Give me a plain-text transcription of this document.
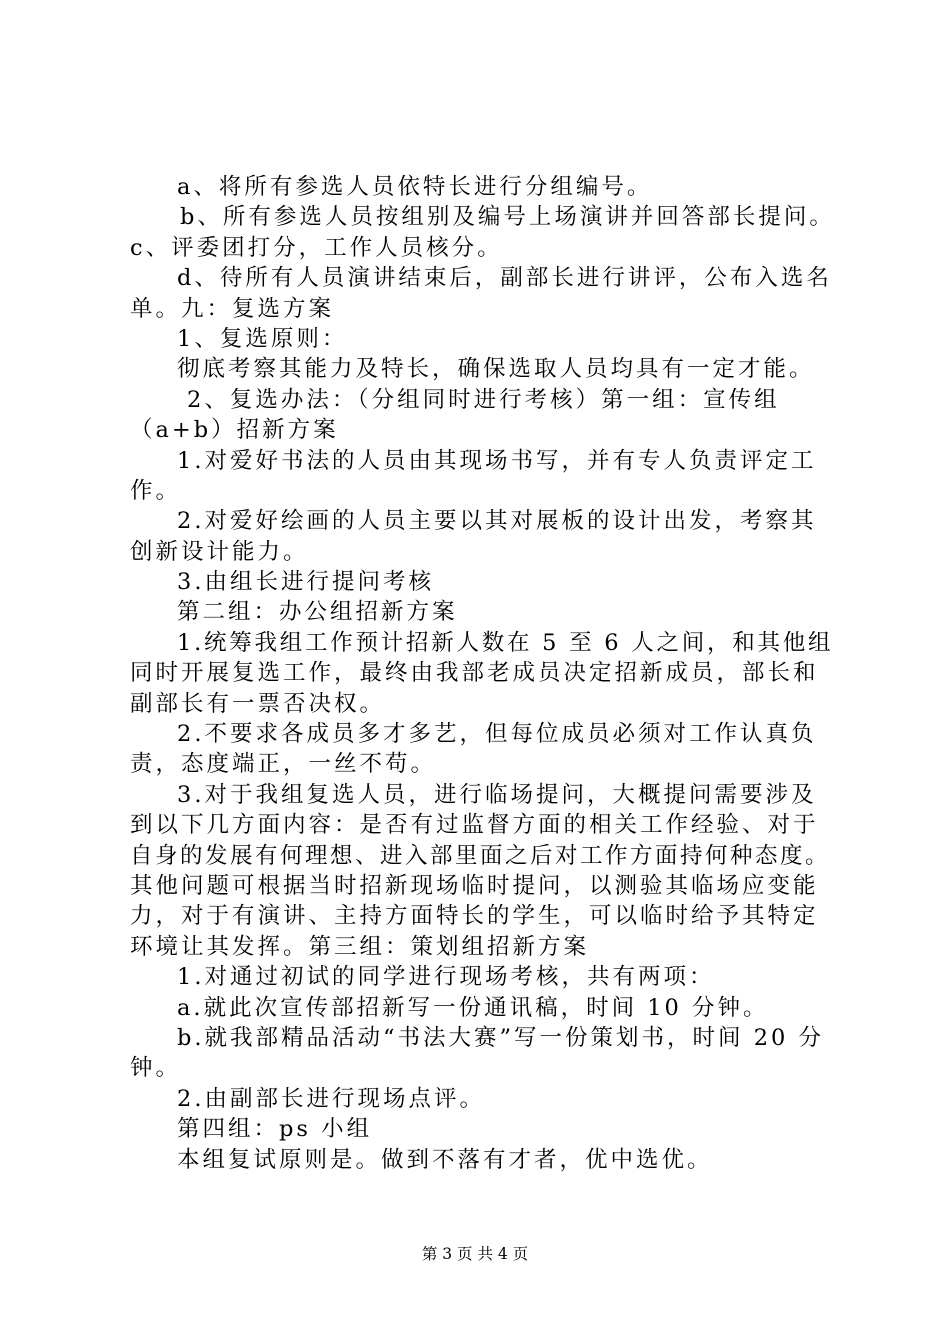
a、将所有参选人员依特长进行分组编号。
b、所有参选人员按组别及编号上场演讲并回答部长提问。
c、评委团打分，工作人员核分。
d、待所有人员演讲结束后，副部长进行讲评，公布入选名
单。九：复选方案
1、复选原则：
彻底考察其能力及特长，确保选取人员均具有一定才能。
2、复选办法：（分组同时进行考核）第一组：宣传组
（a+b）招新方案
1.对爱好书法的人员由其现场书写，并有专人负责评定工
作。
2.对爱好绘画的人员主要以其对展板的设计出发，考察其
创新设计能力。
3.由组长进行提问考核
第二组：办公组招新方案
1.统筹我组工作预计招新人数在 5 至 6 人之间，和其他组
同时开展复选工作，最终由我部老成员决定招新成员，部长和
副部长有一票否决权。
2.不要求各成员多才多艺，但每位成员必须对工作认真负
责，态度端正，一丝不苟。
3.对于我组复选人员，进行临场提问，大概提问需要涉及
到以下几方面内容：是否有过监督方面的相关工作经验、对于
自身的发展有何理想、进入部里面之后对工作方面持何种态度。
其他问题可根据当时招新现场临时提问，以测验其临场应变能
力，对于有演讲、主持方面特长的学生，可以临时给予其特定
环境让其发挥。第三组：策划组招新方案
1.对通过初试的同学进行现场考核，共有两项：
a.就此次宣传部招新写一份通讯稿，时间 10 分钟。
b.就我部精品活动“书法大赛”写一份策划书，时间 20 分
钟。
2.由副部长进行现场点评。
第四组：ps 小组
本组复试原则是。做到不落有才者，优中选优。
第 3 页 共 4 页
